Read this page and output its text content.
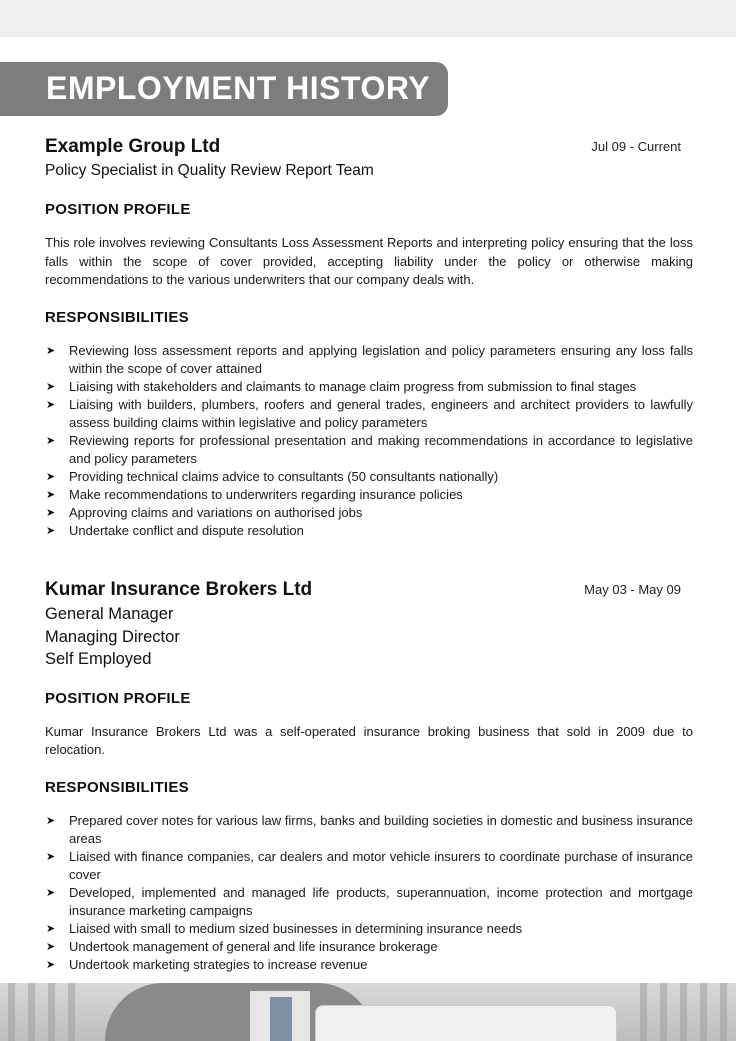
EMPLOYMENT HISTORY
Example Group Ltd	Jul 09 - Current
Policy Specialist in Quality Review Report Team
POSITION PROFILE
This role involves reviewing Consultants Loss Assessment Reports and interpreting policy ensuring that the loss falls within the scope of cover provided, accepting liability under the policy or otherwise making recommendations to the various underwriters that our company deals with.
RESPONSIBILITIES
➤ Reviewing loss assessment reports and applying legislation and policy parameters ensuring any loss falls within the scope of cover attained
➤ Liaising with stakeholders and claimants to manage claim progress from submission to final stages
➤ Liaising with builders, plumbers, roofers and general trades, engineers and architect providers to lawfully assess building claims within legislative and policy parameters
➤ Reviewing reports for professional presentation and making recommendations in accordance to legislative and policy parameters
➤ Providing technical claims advice to consultants (50 consultants nationally)
➤ Make recommendations to underwriters regarding insurance policies
➤ Approving claims and variations on authorised jobs
➤ Undertake conflict and dispute resolution
Kumar Insurance Brokers Ltd	May 03 - May 09
General Manager
Managing Director
Self Employed
POSITION PROFILE
Kumar Insurance Brokers Ltd was a self-operated insurance broking business that sold in 2009 due to relocation.
RESPONSIBILITIES
➤ Prepared cover notes for various law firms, banks and building societies in domestic and business insurance areas
➤ Liaised with finance companies, car dealers and motor vehicle insurers to coordinate purchase of insurance cover
➤ Developed, implemented and managed life products, superannuation, income protection and mortgage insurance marketing campaigns
➤ Liaised with small to medium sized businesses in determining insurance needs
➤ Undertook management of general and life insurance brokerage
➤ Undertook marketing strategies to increase revenue
